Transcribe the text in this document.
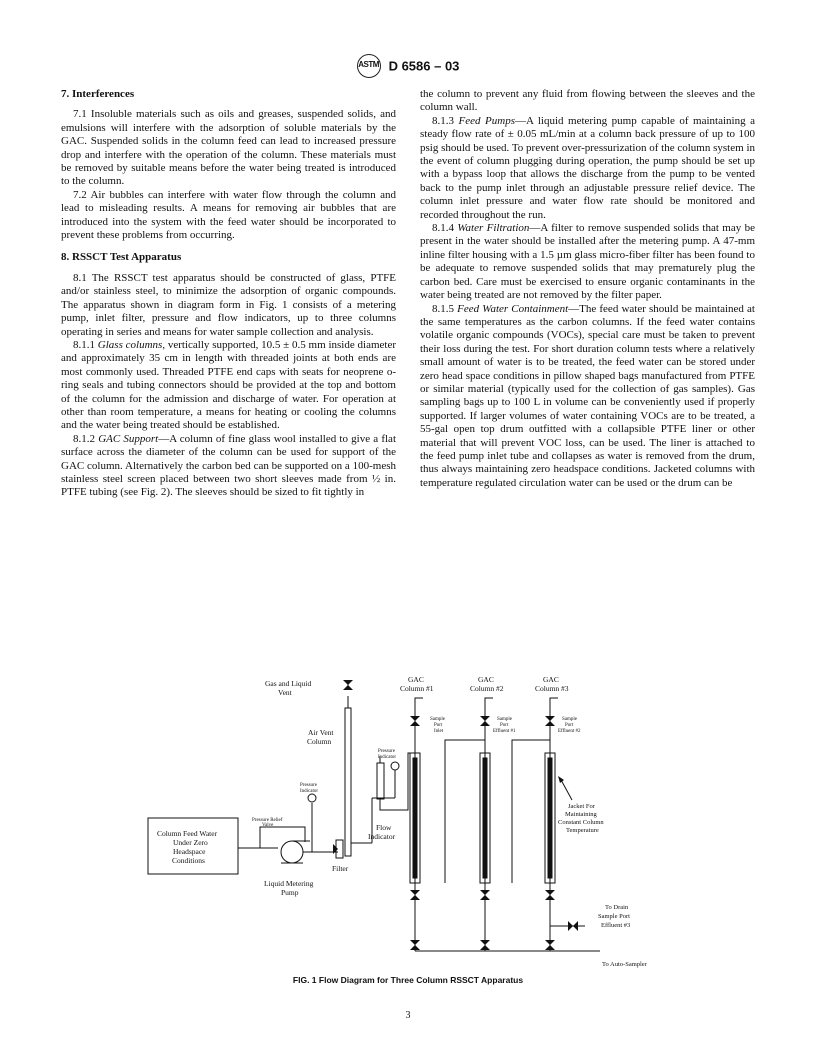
ASTM D 6586 – 03
7. Interferences

7.1 Insoluble materials such as oils and greases, suspended solids, and emulsions will interfere with the adsorption of soluble materials by the GAC. Suspended solids in the column feed can lead to increased pressure drop and interfere with the operation of the column. These materials must be removed by suitable means before the water being treated is introduced to the column.

7.2 Air bubbles can interfere with water flow through the column and lead to misleading results. A means for removing air bubbles that are introduced into the system with the feed water should be incorporated to prevent these problems from occurring.

8. RSSCT Test Apparatus

8.1 The RSSCT test apparatus should be constructed of glass, PTFE and/or stainless steel, to minimize the adsorption of organic compounds. The apparatus shown in diagram form in Fig. 1 consists of a metering pump, inlet filter, pressure and flow indicators, up to three columns operating in series and means for water sample collection and analysis.

8.1.1 Glass columns, vertically supported, 10.5 ± 0.5 mm inside diameter and approximately 35 cm in length with threaded joints at both ends are most commonly used. Threaded PTFE end caps with seats for neoprene o-ring seals and tubing connectors should be provided at the top and bottom of the column for the admission and discharge of water. For operation at other than room temperature, a means for heating or cooling the columns and the water being treated should be established.

8.1.2 GAC Support—A column of fine glass wool installed to give a flat surface across the diameter of the column can be used for support of the GAC column. Alternatively the carbon bed can be supported on a 100-mesh stainless steel screen placed between two short sleeves made from ½ in. PTFE tubing (see Fig. 2). The sleeves should be sized to fit tightly in

the column to prevent any fluid from flowing between the sleeves and the column wall.

8.1.3 Feed Pumps—A liquid metering pump capable of maintaining a steady flow rate of ± 0.05 mL/min at a column back pressure of up to 100 psig should be used. To prevent over-pressurization of the column system in the event of column plugging during operation, the pump should be set up with a bypass loop that allows the discharge from the pump to be vented back to the pump inlet through an adjustable pressure relief device. The column inlet pressure and water flow rate should be monitored and recorded throughout the run.

8.1.4 Water Filtration—A filter to remove suspended solids that may be present in the water should be installed after the metering pump. A 47-mm inline filter housing with a 1.5 µm glass micro-fiber filter has been found to be adequate to remove suspended solids that may prematurely plug the carbon bed. Care must be exercised to ensure organic contaminants in the water being treated are not removed by the filter paper.

8.1.5 Feed Water Containment—The feed water should be maintained at the same temperatures as the carbon columns. If the feed water contains volatile organic compounds (VOCs), special care must be taken to prevent their loss during the test. For short duration column tests where a relatively small amount of water is to be treated, the feed water can be stored under zero head space conditions in pillow shaped bags manufactured from PTFE or similar material (typically used for the collection of gas samples). Gas sampling bags up to 100 L in volume can be conveniently used if properly supported. If larger volumes of water containing VOCs are to be treated, a 55-gal open top drum outfitted with a collapsible PTFE liner or other material that will prevent VOC loss, can be used. The liner is attached to the feed pump inlet tube and collapses as water is removed from the drum, thus always maintaining zero headspace conditions. Jacketed columns with temperature regulated circulation water can be used or the drum can be

Gas and Liquid
Vent
Air Vent
Column
Pressure
Indicator
Pressure
Indicator
Pressure Relief
Valve
Column Feed Water
Under Zero
Headspace
Conditions
Filter
Flow
Indicator
Liquid Metering
Pump
GAC
Column #1
GAC
Column #2
GAC
Column #3
Sample
Port
Inlet
Sample
Port
Effluent #1
Sample
Port
Effluent #2
Jacket For
Maintaining
Constant Column
Temperature
To Drain
Sample Port
Effluent #3
To Auto-Sampler
FIG. 1 Flow Diagram for Three Column RSSCT Apparatus
3
